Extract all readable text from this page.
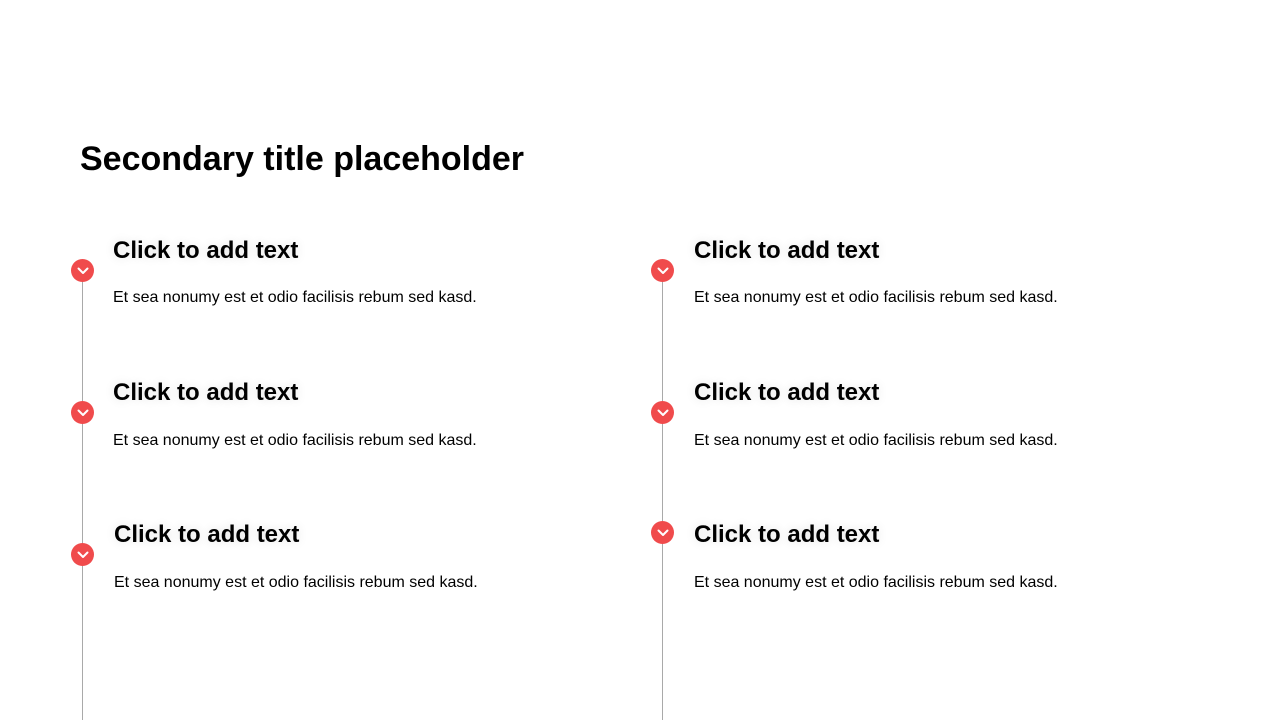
Secondary title placeholder
Click to add text

Et sea nonumy est et odio facilisis rebum sed kasd.

Click to add text

Et sea nonumy est et odio facilisis rebum sed kasd.

Click to add text

Et sea nonumy est et odio facilisis rebum sed kasd.

Click to add text

Et sea nonumy est et odio facilisis rebum sed kasd.

Click to add text

Et sea nonumy est et odio facilisis rebum sed kasd.

Click to add text

Et sea nonumy est et odio facilisis rebum sed kasd.
